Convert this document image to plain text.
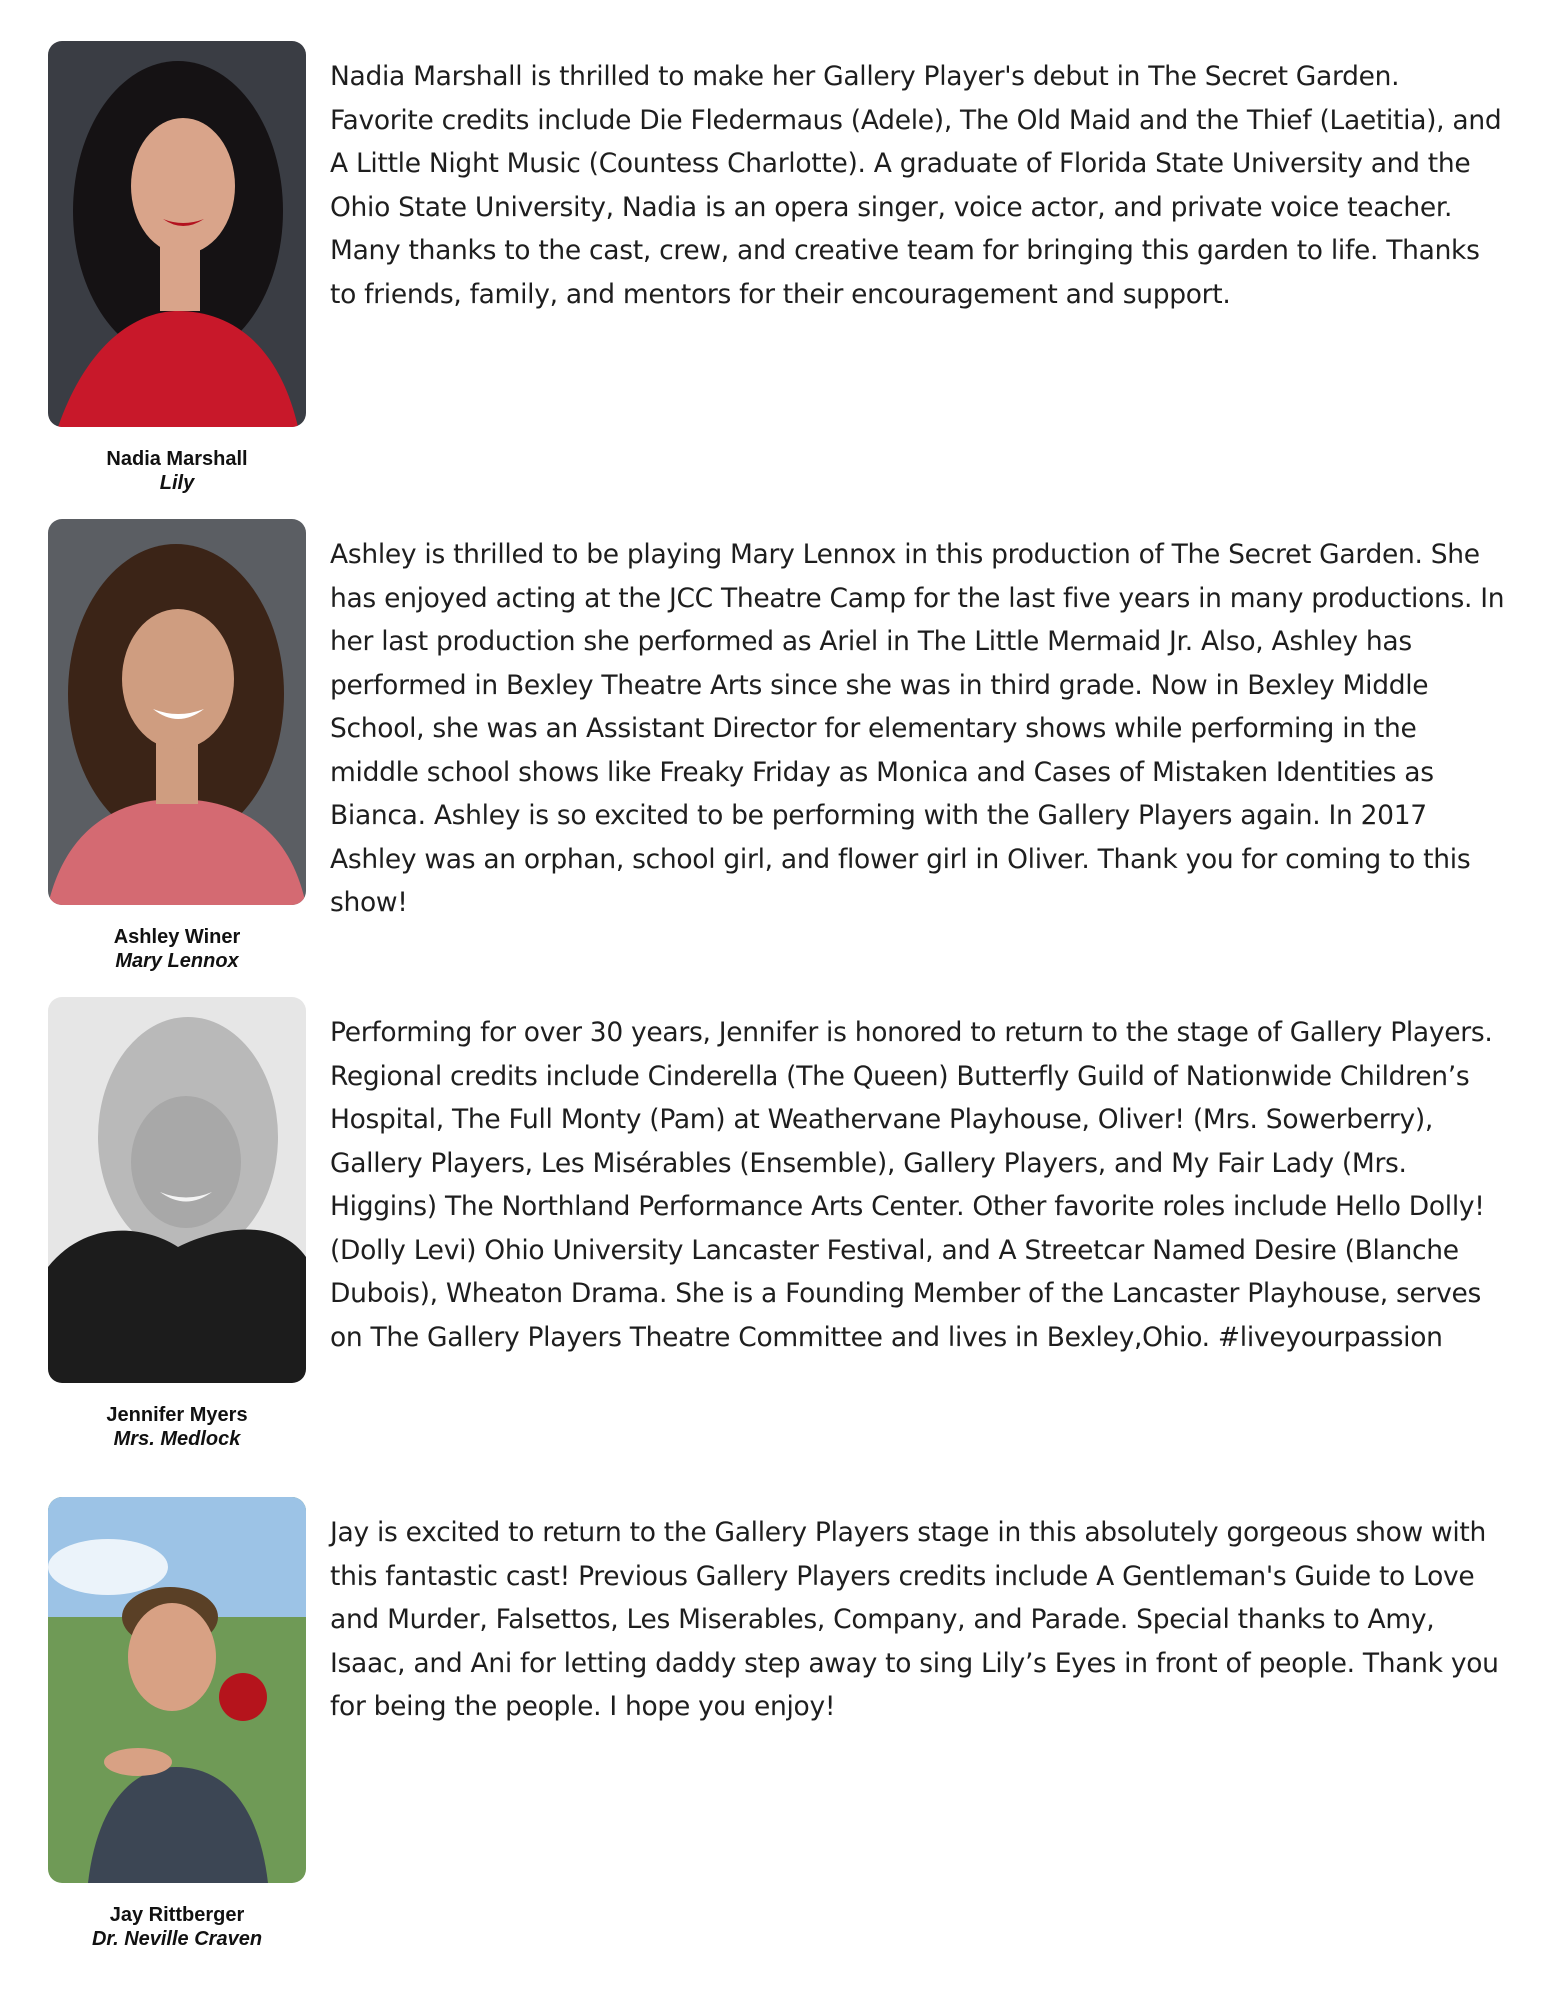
Nadia Marshall
Lily

Nadia Marshall is thrilled to make her Gallery Player's debut in The Secret Garden. Favorite credits include Die Fledermaus (Adele), The Old Maid and the Thief (Laetitia), and A Little Night Music (Countess Charlotte). A graduate of Florida State University and the Ohio State University, Nadia is an opera singer, voice actor, and private voice teacher. Many thanks to the cast, crew, and creative team for bringing this garden to life. Thanks to friends, family, and mentors for their encouragement and support.

Ashley Winer
Mary Lennox

Ashley is thrilled to be playing Mary Lennox in this production of The Secret Garden. She has enjoyed acting at the JCC Theatre Camp for the last five years in many productions. In her last production she performed as Ariel in The Little Mermaid Jr. Also, Ashley has performed in Bexley Theatre Arts since she was in third grade. Now in Bexley Middle School, she was an Assistant Director for elementary shows while performing in the middle school shows like Freaky Friday as Monica and Cases of Mistaken Identities as Bianca. Ashley is so excited to be performing with the Gallery Players again. In 2017 Ashley was an orphan, school girl, and flower girl in Oliver. Thank you for coming to this show!

Jennifer Myers
Mrs. Medlock

Performing for over 30 years, Jennifer is honored to return to the stage of Gallery Players. Regional credits include Cinderella (The Queen) Butterfly Guild of Nationwide Children’s Hospital, The Full Monty (Pam) at Weathervane Playhouse, Oliver! (Mrs. Sowerberry), Gallery Players, Les Misérables (Ensemble), Gallery Players, and My Fair Lady (Mrs. Higgins) The Northland Performance Arts Center. Other favorite roles include Hello Dolly! (Dolly Levi) Ohio University Lancaster Festival, and A Streetcar Named Desire (Blanche Dubois), Wheaton Drama. She is a Founding Member of the Lancaster Playhouse, serves on The Gallery Players Theatre Committee and lives in Bexley,Ohio. #liveyourpassion

Jay Rittberger
Dr. Neville Craven

Jay is excited to return to the Gallery Players stage in this absolutely gorgeous show with this fantastic cast! Previous Gallery Players credits include A Gentleman's Guide to Love and Murder, Falsettos, Les Miserables, Company, and Parade. Special thanks to Amy, Isaac, and Ani for letting daddy step away to sing Lily’s Eyes in front of people. Thank you for being the people. I hope you enjoy!
